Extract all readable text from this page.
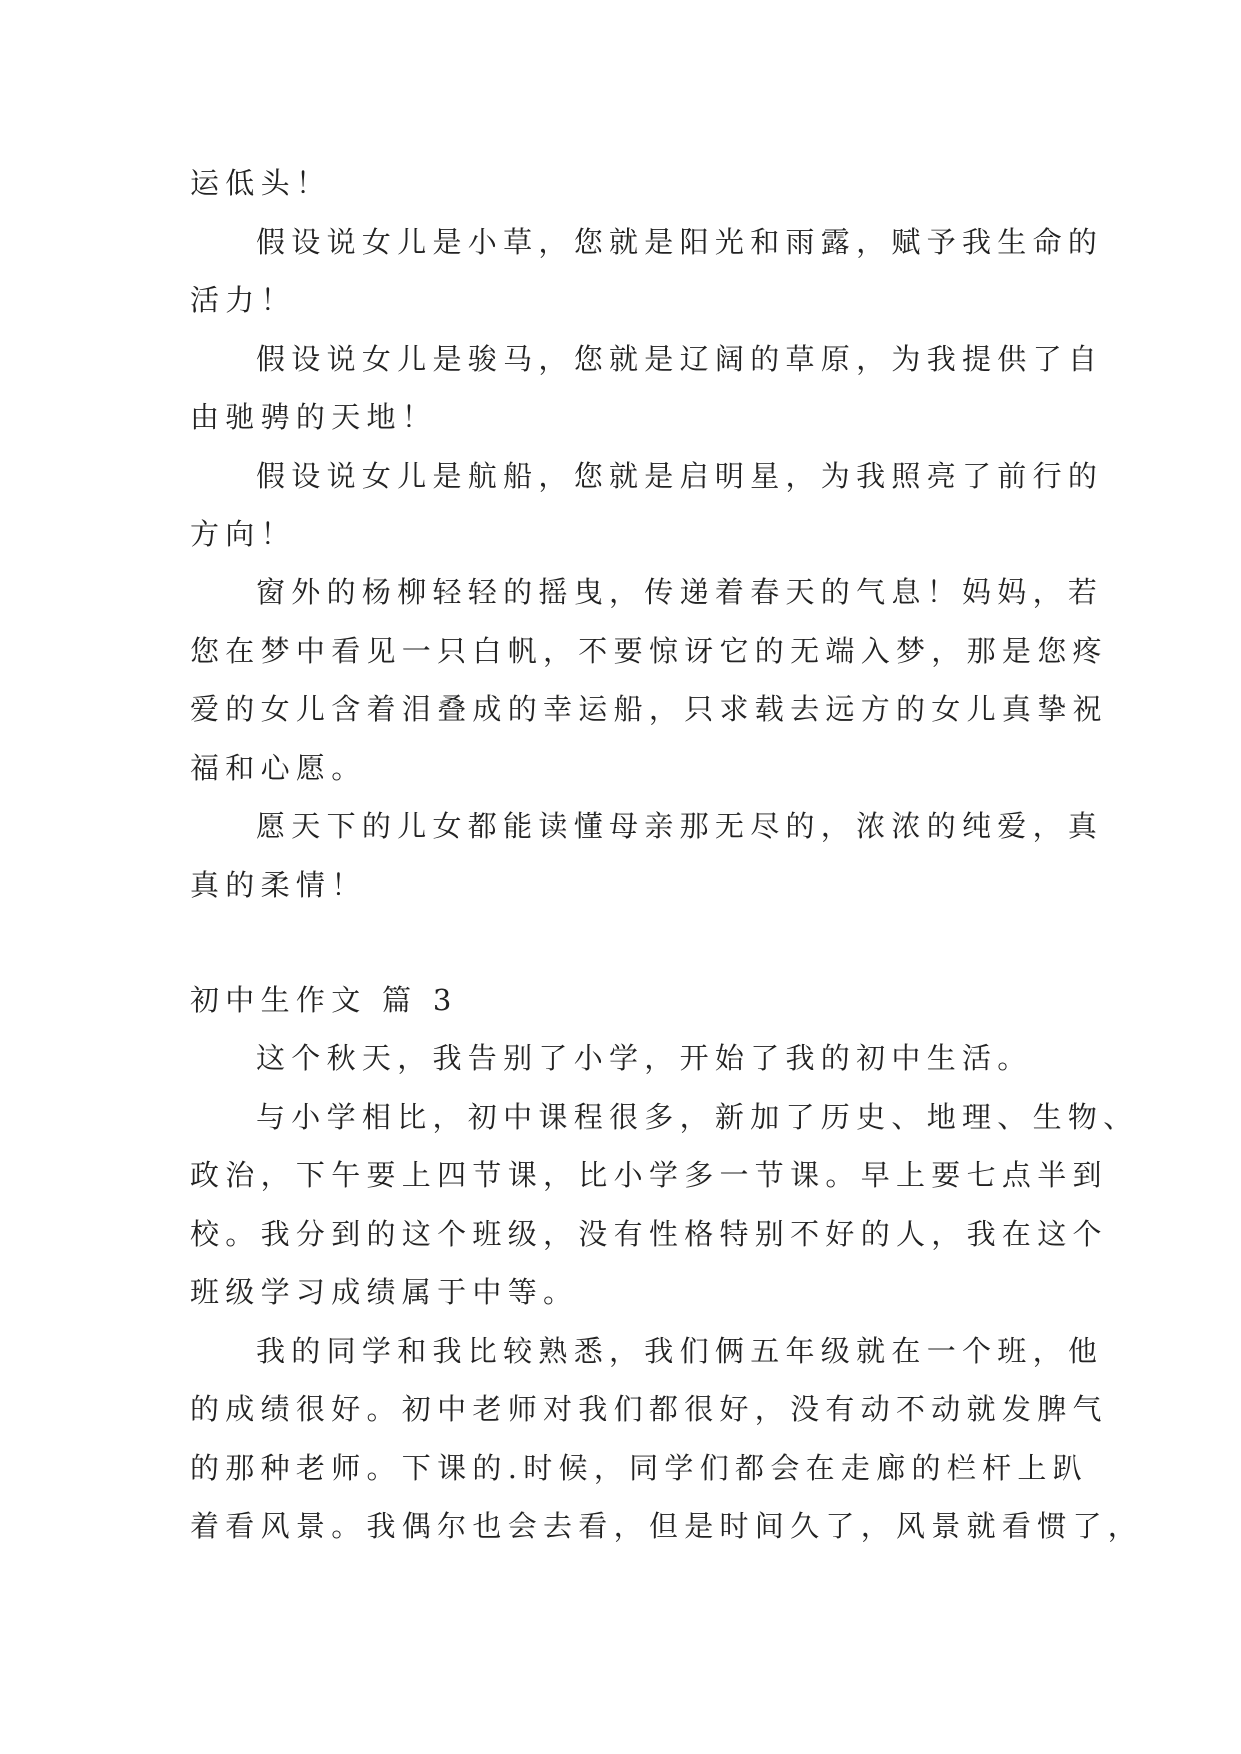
运低头！
假设说女儿是小草，您就是阳光和雨露，赋予我生命的
活力！
假设说女儿是骏马，您就是辽阔的草原，为我提供了自
由驰骋的天地！
假设说女儿是航船，您就是启明星，为我照亮了前行的
方向！
窗外的杨柳轻轻的摇曳，传递着春天的气息！妈妈，若
您在梦中看见一只白帆，不要惊讶它的无端入梦，那是您疼
爱的女儿含着泪叠成的幸运船，只求载去远方的女儿真挚祝
福和心愿。
愿天下的儿女都能读懂母亲那无尽的，浓浓的纯爱，真
真的柔情！
初中生作文 篇 3
这个秋天，我告别了小学，开始了我的初中生活。
与小学相比，初中课程很多，新加了历史、地理、生物、
政治，下午要上四节课，比小学多一节课。早上要七点半到
校。我分到的这个班级，没有性格特别不好的人，我在这个
班级学习成绩属于中等。
我的同学和我比较熟悉，我们俩五年级就在一个班，他
的成绩很好。初中老师对我们都很好，没有动不动就发脾气
的那种老师。下课的.时候，同学们都会在走廊的栏杆上趴
着看风景。我偶尔也会去看，但是时间久了，风景就看惯了，
